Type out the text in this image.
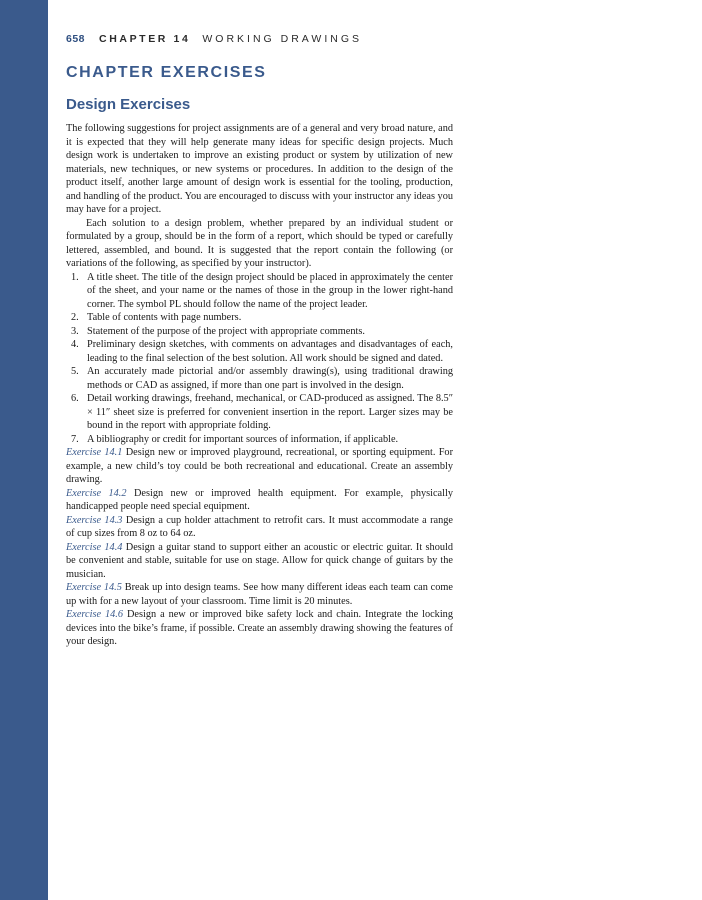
658 CHAPTER 14 WORKING DRAWINGS
CHAPTER EXERCISES
Design Exercises

The following suggestions for project assignments are of a general and very broad nature, and it is expected that they will help generate many ideas for specific design projects. Much design work is undertaken to improve an existing product or system by utilization of new materials, new techniques, or new systems or procedures. In addition to the design of the product itself, another large amount of design work is essential for the tooling, production, and handling of the product. You are encouraged to discuss with your instructor any ideas you may have for a project.

Each solution to a design problem, whether prepared by an individual student or formulated by a group, should be in the form of a report, which should be typed or carefully lettered, assembled, and bound. It is suggested that the report contain the following (or variations of the following, as specified by your instructor).

1. A title sheet. The title of the design project should be placed in approximately the center of the sheet, and your name or the names of those in the group in the lower right-hand corner. The symbol PL should follow the name of the project leader.
2. Table of contents with page numbers.
3. Statement of the purpose of the project with appropriate comments.
4. Preliminary design sketches, with comments on advantages and disadvantages of each, leading to the final selection of the best solution. All work should be signed and dated.
5. An accurately made pictorial and/or assembly drawing(s), using traditional drawing methods or CAD as assigned, if more than one part is involved in the design.
6. Detail working drawings, freehand, mechanical, or CAD-produced as assigned. The 8.5″ × 11″ sheet size is preferred for convenient insertion in the report. Larger sizes may be bound in the report with appropriate folding.
7. A bibliography or credit for important sources of information, if applicable.

Exercise 14.1 Design new or improved playground, recreational, or sporting equipment. For example, a new child’s toy could be both recreational and educational. Create an assembly drawing.

Exercise 14.2 Design new or improved health equipment. For example, physically handicapped people need special equipment.

Exercise 14.3 Design a cup holder attachment to retrofit cars. It must accommodate a range of cup sizes from 8 oz to 64 oz.

Exercise 14.4 Design a guitar stand to support either an acoustic or electric guitar. It should be convenient and stable, suitable for use on stage. Allow for quick change of guitars by the musician.

Exercise 14.5 Break up into design teams. See how many different ideas each team can come up with for a new layout of your classroom. Time limit is 20 minutes.

Exercise 14.6 Design a new or improved bike safety lock and chain. Integrate the locking devices into the bike’s frame, if possible. Create an assembly drawing showing the features of your design.
